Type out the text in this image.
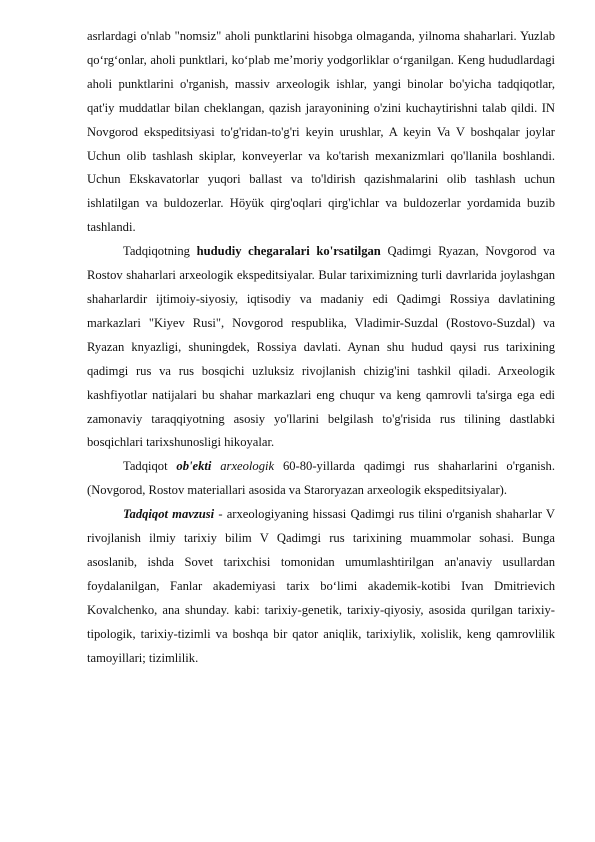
asrlardagi o'nlab "nomsiz" aholi punktlarini hisobga olmaganda, yilnoma shaharlari. Yuzlab qoʻrgʻonlar, aholi punktlari, koʻplab meʼmoriy yodgorliklar oʻrganilgan. Keng hududlardagi aholi punktlarini o'rganish, massiv arxeologik ishlar, yangi binolar bo'yicha tadqiqotlar, qat'iy muddatlar bilan cheklangan, qazish jarayonining o'zini kuchaytirishni talab qildi. IN Novgorod ekspeditsiyasi to'g'ridan-to'g'ri keyin urushlar, A keyin Va V boshqalar joylar Uchun olib tashlash skiplar, konveyerlar va ko'tarish mexanizmlari qo'llanila boshlandi. Uchun Ekskavatorlar yuqori ballast va to'ldirish qazishmalarini olib tashlash uchun ishlatilgan va buldozerlar. Höyük qirg'oqlari qirg'ichlar va buldozerlar yordamida buzib tashlandi.

Tadqiqotning hududiy chegaralari ko'rsatilgan Qadimgi Ryazan, Novgorod va Rostov shaharlari arxeologik ekspeditsiyalar. Bular tariximizning turli davrlarida joylashgan shaharlardir ijtimoiy-siyosiy, iqtisodiy va madaniy edi Qadimgi Rossiya davlatining markazlari "Kiyev Rusi", Novgorod respublika, Vladimir-Suzdal (Rostovo-Suzdal) va Ryazan knyazligi, shuningdek, Rossiya davlati. Aynan shu hudud qaysi rus tarixining qadimgi rus va rus bosqichi uzluksiz rivojlanish chizig'ini tashkil qiladi. Arxeologik kashfiyotlar natijalari bu shahar markazlari eng chuqur va keng qamrovli ta'sirga ega edi zamonaviy taraqqiyotning asosiy yo'llarini belgilash to'g'risida rus tilining dastlabki bosqichlari tarixshunosligi hikoyalar.

Tadqiqot ob'ekti arxeologik 60-80-yillarda qadimgi rus shaharlarini o'rganish. (Novgorod, Rostov materiallari asosida va Staroryazan arxeologik ekspeditsiyalar).

Tadqiqot mavzusi - arxeologiyaning hissasi Qadimgi rus tilini o'rganish shaharlar V rivojlanish ilmiy tarixiy bilim V Qadimgi rus tarixining muammolar sohasi. Bunga asoslanib, ishda Sovet tarixchisi tomonidan umumlashtirilgan an'anaviy usullardan foydalanilgan, Fanlar akademiyasi tarix boʻlimi akademik-kotibi Ivan Dmitrievich Kovalchenko, ana shunday. kabi: tarixiy-genetik, tarixiy-qiyosiy, asosida qurilgan tarixiy-tipologik, tarixiy-tizimli va boshqa bir qator aniqlik, tarixiylik, xolislik, keng qamrovlilik tamoyillari; tizimlilik.
